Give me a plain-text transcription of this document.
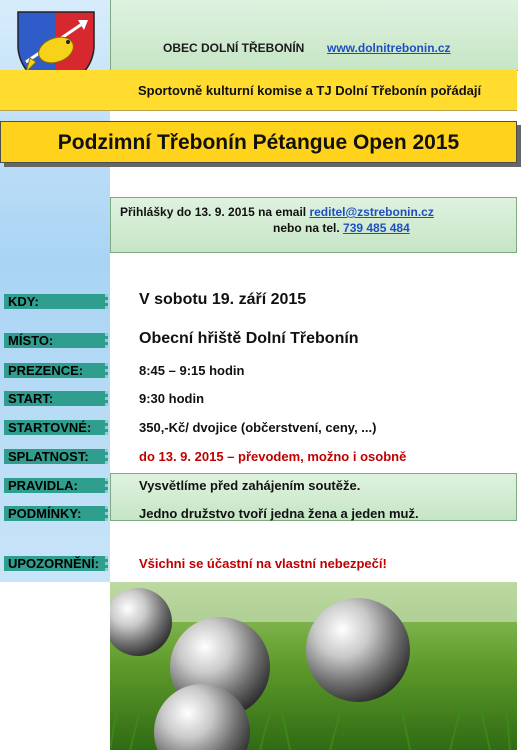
OBEC DOLNÍ TŘEBONÍN www.dolnitrebonin.cz
Sportovně kulturní komise a TJ Dolní Třebonín pořádají
Podzimní Třebonín Pétangue Open 2015
Přihlášky do 13. 9. 2015 na email reditel@zstrebonin.cz
nebo na tel. 739 485 484
KDY:	V sobotu 19. září 2015
MÍSTO:	Obecní hřiště Dolní Třebonín
PREZENCE:	8:45 – 9:15 hodin
START:	9:30 hodin
STARTOVNÉ:	350,-Kč/ dvojice (občerstvení, ceny, ...)
SPLATNOST:	do 13. 9. 2015 – převodem, možno i osobně
PRAVIDLA:	Vysvětlíme před zahájením soutěže.
PODMÍNKY:	Jedno družstvo tvoří jedna žena a jeden muž.
UPOZORNĚNÍ:	Všichni se účastní na vlastní nebezpečí!
